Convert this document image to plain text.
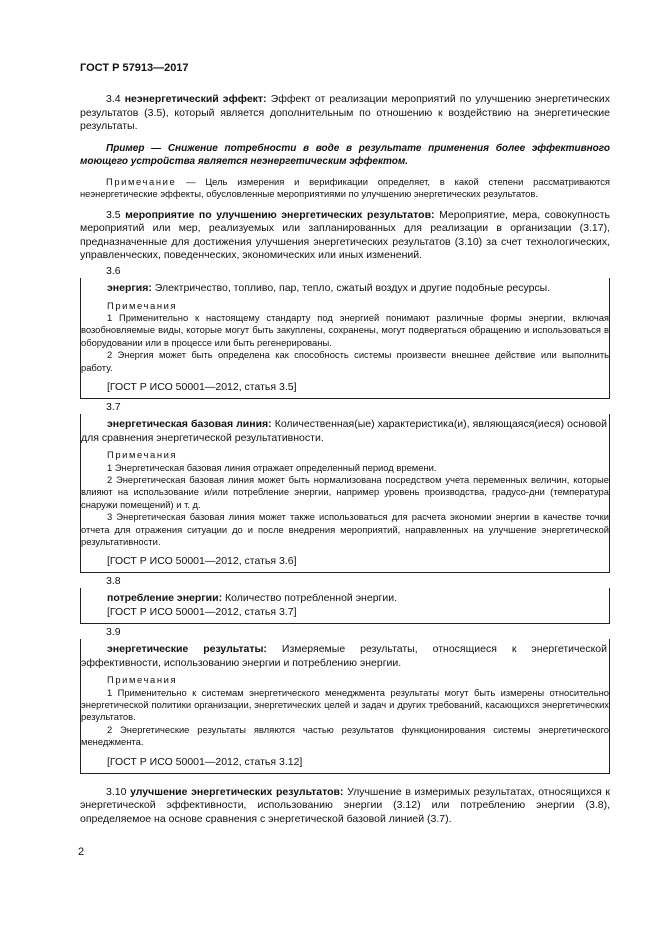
ГОСТ Р 57913—2017

3.4 неэнергетический эффект: Эффект от реализации мероприятий по улучшению энергетических результатов (3.5), который является дополнительным по отношению к воздействию на энергетические результаты.

Пример — Снижение потребности в воде в результате применения более эффективного моющего устройства является неэнергетическим эффектом.

Примечание — Цель измерения и верификации определяет, в какой степени рассматриваются неэнергетические эффекты, обусловленные мероприятиями по улучшению энергетических результатов.

3.5 мероприятие по улучшению энергетических результатов: Мероприятие, мера, совокупность мероприятий или мер, реализуемых или запланированных для реализации в организации (3.17), предназначенные для достижения улучшения энергетических результатов (3.10) за счет технологических, управленческих, поведенческих, экономических или иных изменений.

3.6

энергия: Электричество, топливо, пар, тепло, сжатый воздух и другие подобные ресурсы.

Примечания

1 Применительно к настоящему стандарту под энергией понимают различные формы энергии, включая возобновляемые виды, которые могут быть закуплены, сохранены, могут подвергаться обращению и использоваться в оборудовании или в процессе или быть регенерированы.

2 Энергия может быть определена как способность системы произвести внешнее действие или выполнить работу.

[ГОСТ Р ИСО 50001—2012, статья 3.5]
3.7

энергетическая базовая линия: Количественная(ые) характеристика(и), являющаяся(иеся) основой для сравнения энергетической результативности.

Примечания

1 Энергетическая базовая линия отражает определенный период времени.

2 Энергетическая базовая линия может быть нормализована посредством учета переменных величин, которые влияют на использование и/или потребление энергии, например уровень производства, градусо-дни (температура снаружи помещений) и т. д.

3 Энергетическая базовая линия может также использоваться для расчета экономии энергии в качестве точки отчета для отражения ситуации до и после внедрения мероприятий, направленных на улучшение энергетической результативности.

[ГОСТ Р ИСО 50001—2012, статья 3.6]
3.8

потребление энергии: Количество потребленной энергии.

[ГОСТ Р ИСО 50001—2012, статья 3.7]
3.9

энергетические результаты: Измеряемые результаты, относящиеся к энергетической эффективности, использованию энергии и потреблению энергии.

Примечания

1 Применительно к системам энергетического менеджмента результаты могут быть измерены относительно энергетической политики организации, энергетических целей и задач и других требований, касающихся энергетических результатов.

2 Энергетические результаты являются частью результатов функционирования системы энергетического менеджмента.

[ГОСТ Р ИСО 50001—2012, статья 3.12]

3.10 улучшение энергетических результатов: Улучшение в измеримых результатах, относящихся к энергетической эффективности, использованию энергии (3.12) или потреблению энергии (3.8), определяемое на основе сравнения с энергетической базовой линией (3.7).

2
